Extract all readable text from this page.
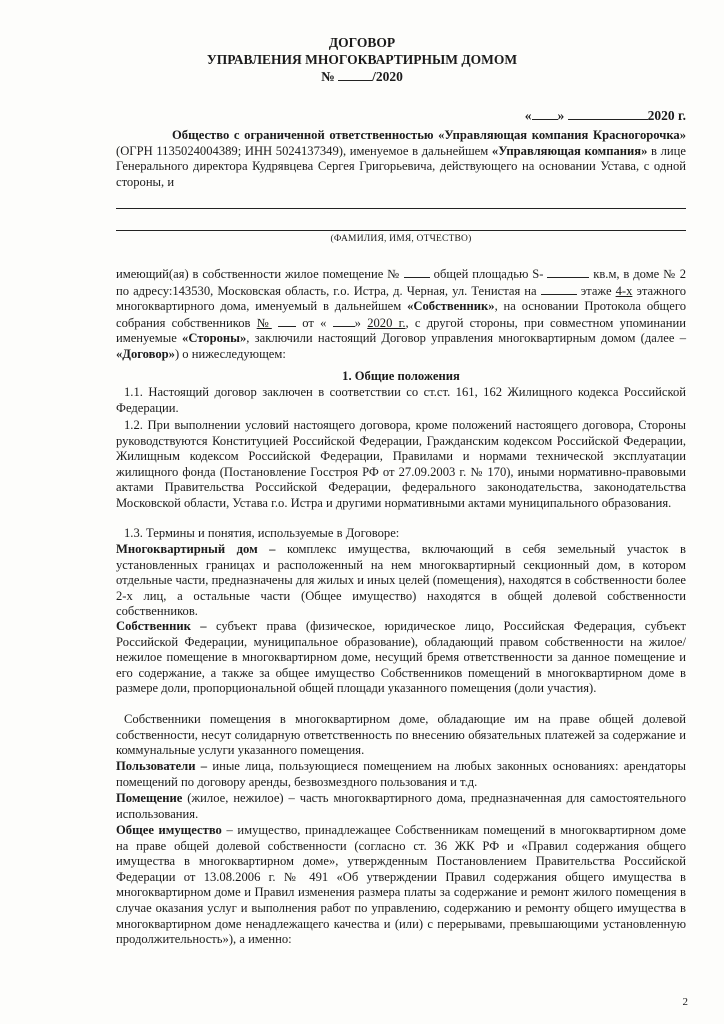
ДОГОВОР
УПРАВЛЕНИЯ МНОГОКВАРТИРНЫМ ДОМОМ
№	/2020
« »	2020 г.
Общество с ограниченной ответственностью «Управляющая компания Красногорочка» (ОГРН 1135024004389; ИНН 5024137349), именуемое в дальнейшем «Управляющая компания» в лице Генерального директора Кудрявцева Сергея Григорьевича, действующего на основании Устава, с одной стороны, и
(ФАМИЛИЯ, ИМЯ, ОТЧЕСТВО)
имеющий(ая) в собственности жилое помещение №	общей площадью S-	кв.м, в доме № 2 по адресу:143530, Московская область, г.о. Истра, д. Черная, ул. Тенистая на	этаже 4-х этажного многоквартирного дома, именуемый в дальнейшем «Собственник», на основании Протокола общего собрания собственников № от « » 2020 г., с другой стороны, при совместном упоминании именуемые «Стороны», заключили настоящий Договор управления многоквартирным домом (далее – «Договор») о нижеследующем:
1. Общие положения
1.1. Настоящий договор заключен в соответствии со ст.ст. 161, 162 Жилищного кодекса Российской Федерации.
1.2. При выполнении условий настоящего договора, кроме положений настоящего договора, Стороны руководствуются Конституцией Российской Федерации, Гражданским кодексом Российской Федерации, Жилищным кодексом Российской Федерации, Правилами и нормами технической эксплуатации жилищного фонда (Постановление Госстроя РФ от 27.09.2003 г. № 170), иными нормативно-правовыми актами Правительства Российской Федерации, федерального законодательства, законодательства Московской области, Устава г.о. Истра и другими нормативными актами муниципального образования.
1.3. Термины и понятия, используемые в Договоре:
Многоквартирный дом – комплекс имущества, включающий в себя земельный участок в установленных границах и расположенный на нем многоквартирный секционный дом, в котором отдельные части, предназначены для жилых и иных целей (помещения), находятся в собственности более 2-х лиц, а остальные части (Общее имущество) находятся в общей долевой собственности собственников.
Собственник – субъект права (физическое, юридическое лицо, Российская Федерация, субъект Российской Федерации, муниципальное образование), обладающий правом собственности на жилое/нежилое помещение в многоквартирном доме, несущий бремя ответственности за данное помещение и его содержание, а также за общее имущество Собственников помещений в многоквартирном доме в размере доли, пропорциональной общей площади указанного помещения (доли участия).
Собственники помещения в многоквартирном доме, обладающие им на праве общей долевой собственности, несут солидарную ответственность по внесению обязательных платежей за содержание и коммунальные услуги указанного помещения.
Пользователи – иные лица, пользующиеся помещением на любых законных основаниях: арендаторы помещений по договору аренды, безвозмездного пользования и т.д.
Помещение (жилое, нежилое) – часть многоквартирного дома, предназначенная для самостоятельного использования.
Общее имущество – имущество, принадлежащее Собственникам помещений в многоквартирном доме на праве общей долевой собственности (согласно ст. 36 ЖК РФ и «Правил содержания общего имущества в многоквартирном доме», утвержденным Постановлением Правительства Российской Федерации от 13.08.2006 г. № 491 «Об утверждении Правил содержания общего имущества в многоквартирном доме и Правил изменения размера платы за содержание и ремонт жилого помещения в случае оказания услуг и выполнения работ по управлению, содержанию и ремонту общего имущества в многоквартирном доме ненадлежащего качества и (или) с перерывами, превышающими установленную продолжительность»), а именно:
2
